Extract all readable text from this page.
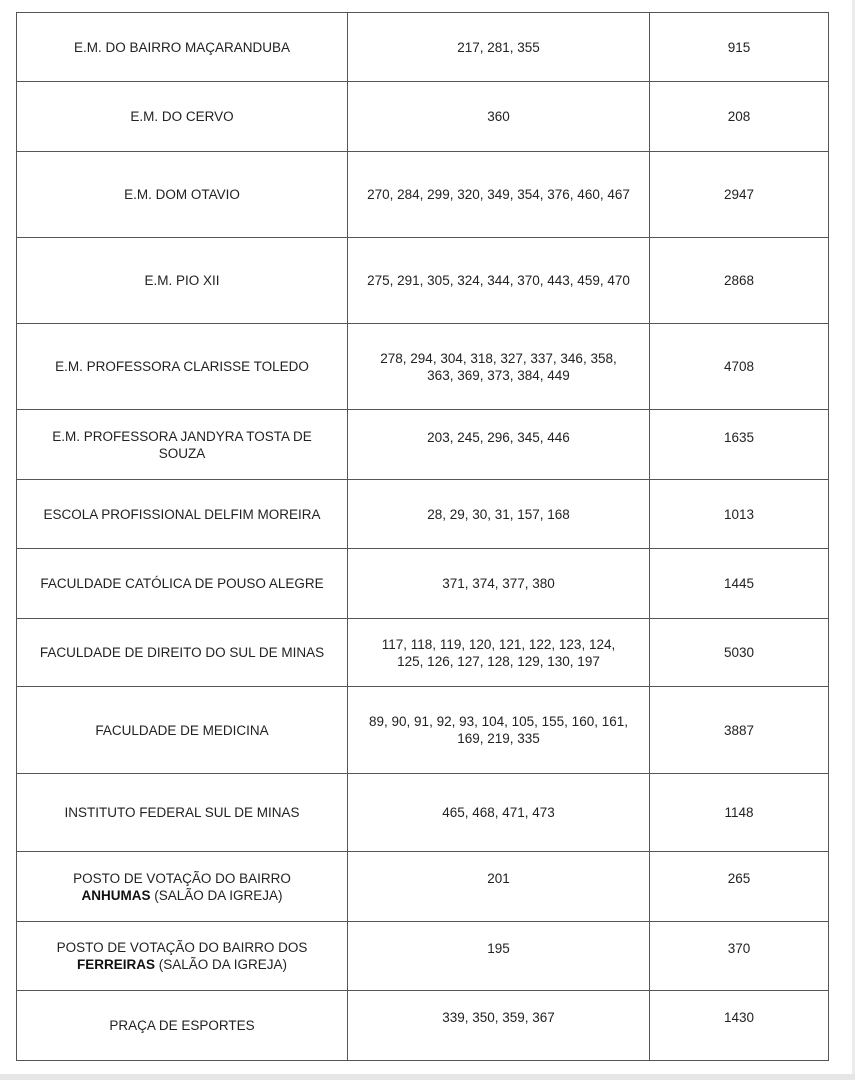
E.M. DO BAIRRO MAÇARANDUBA	217, 281, 355	915
E.M. DO CERVO	360	208
E.M. DOM OTAVIO	270, 284, 299, 320, 349, 354, 376, 460, 467	2947
E.M. PIO XII	275, 291, 305, 324, 344, 370, 443, 459, 470	2868
E.M. PROFESSORA CLARISSE TOLEDO	278, 294, 304, 318, 327, 337, 346, 358,
363, 369, 373, 384, 449	4708

E.M. PROFESSORA JANDYRA TOSTA DE
SOUZA	203, 245, 296, 345, 446	1635
ESCOLA PROFISSIONAL DELFIM MOREIRA	28, 29, 30, 31, 157, 168	1013
FACULDADE CATÓLICA DE POUSO ALEGRE	371, 374, 377, 380	1445
FACULDADE DE DIREITO DO SUL DE MINAS	117, 118, 119, 120, 121, 122, 123, 124,
125, 126, 127, 128, 129, 130, 197	5030
FACULDADE DE MEDICINA	89, 90, 91, 92, 93, 104, 105, 155, 160, 161,
169, 219, 335	3887
INSTITUTO FEDERAL SUL DE MINAS	465, 468, 471, 473	1148

POSTO DE VOTAÇÃO DO BAIRRO
ANHUMAS (SALÃO DA IGREJA)	201	265

POSTO DE VOTAÇÃO DO BAIRRO DOS
FERREIRAS (SALÃO DA IGREJA)	195	370
PRAÇA DE ESPORTES	339, 350, 359, 367	1430
